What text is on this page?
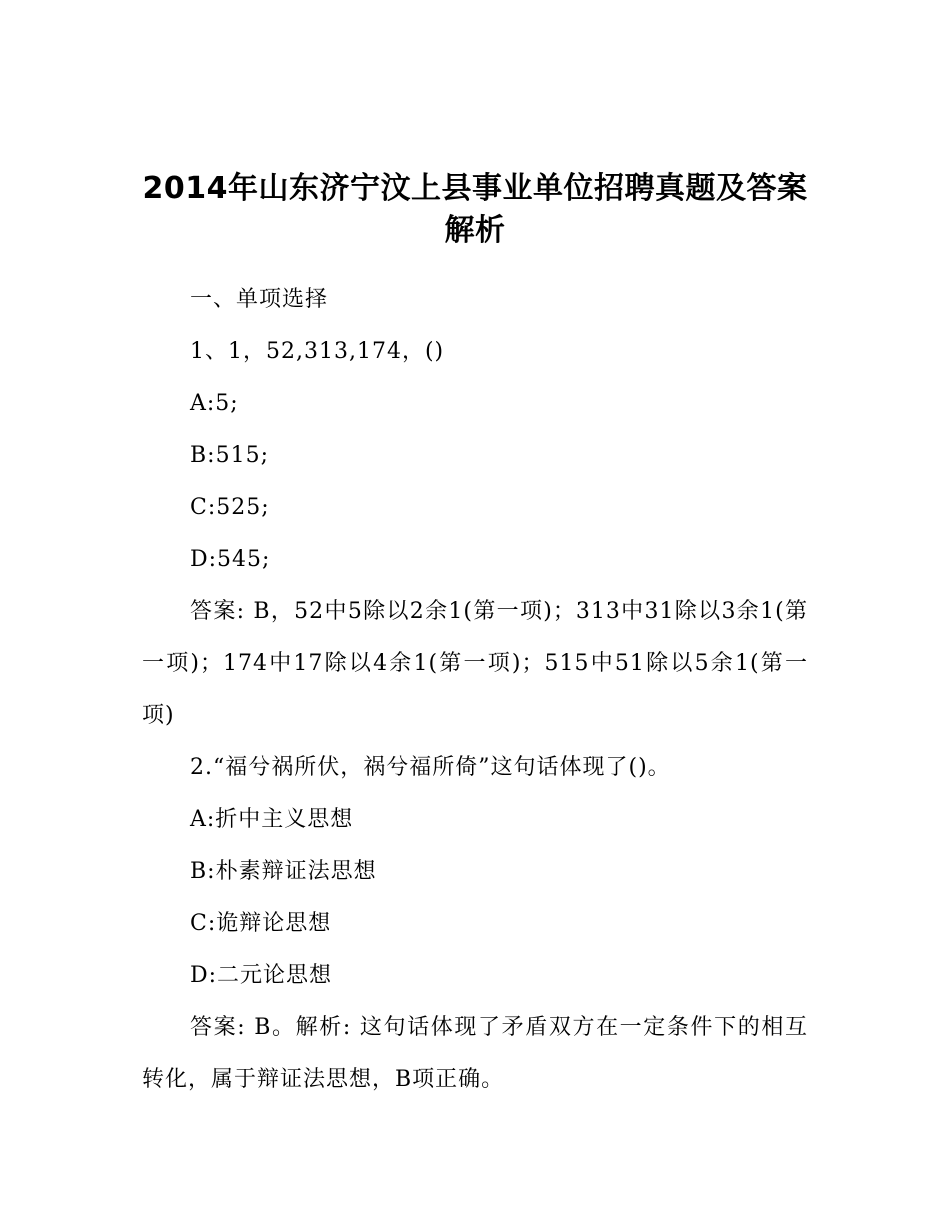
2014年山东济宁汶上县事业单位招聘真题及答案解析

一、单项选择

1、1，52,313,174，()

A:5;

B:515;

C:525;

D:545;

答案: B，52中5除以2余1(第一项)；313中31除以3余1(第一项)；174中17除以4余1(第一项)；515中51除以5余1(第一项)

2.“福兮祸所伏，祸兮福所倚”这句话体现了()。

A:折中主义思想

B:朴素辩证法思想

C:诡辩论思想

D:二元论思想

答案: B。解析: 这句话体现了矛盾双方在一定条件下的相互转化，属于辩证法思想，B项正确。
